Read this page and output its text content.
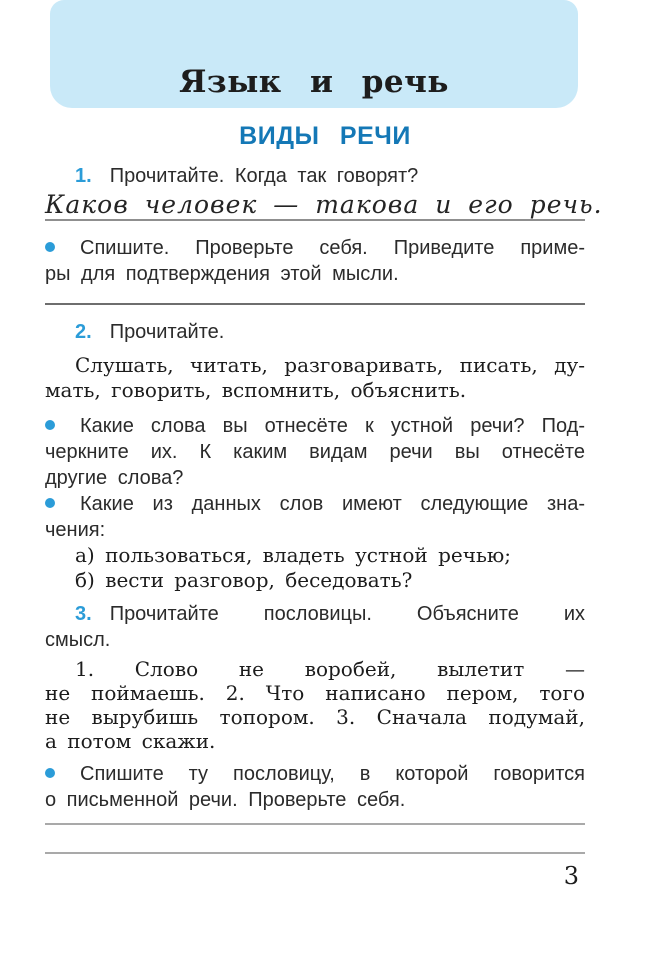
Язык и речь
ВИДЫ РЕЧИ
1. Прочитайте. Когда так говорят?
Каков человек — такова и его речь.
Спишите. Проверьте себя. Приведите приме-
ры для подтверждения этой мысли.
2. Прочитайте.
Слушать, читать, разговаривать, писать, ду-
мать, говорить, вспомнить, объяснить.
Какие слова вы отнесёте к устной речи? Под-
черкните их. К каким видам речи вы отнесёте
другие слова?
Какие из данных слов имеют следующие зна-
чения:
а) пользоваться, владеть устной речью;
б) вести разговор, беседовать?
3. Прочитайте пословицы. Объясните их
смысл.
1. Слово не воробей, вылетит —
не поймаешь. 2. Что написано пером, того
не вырубишь топором. 3. Сначала подумай,
а потом скажи.
Спишите ту пословицу, в которой говорится
о письменной речи. Проверьте себя.
3
